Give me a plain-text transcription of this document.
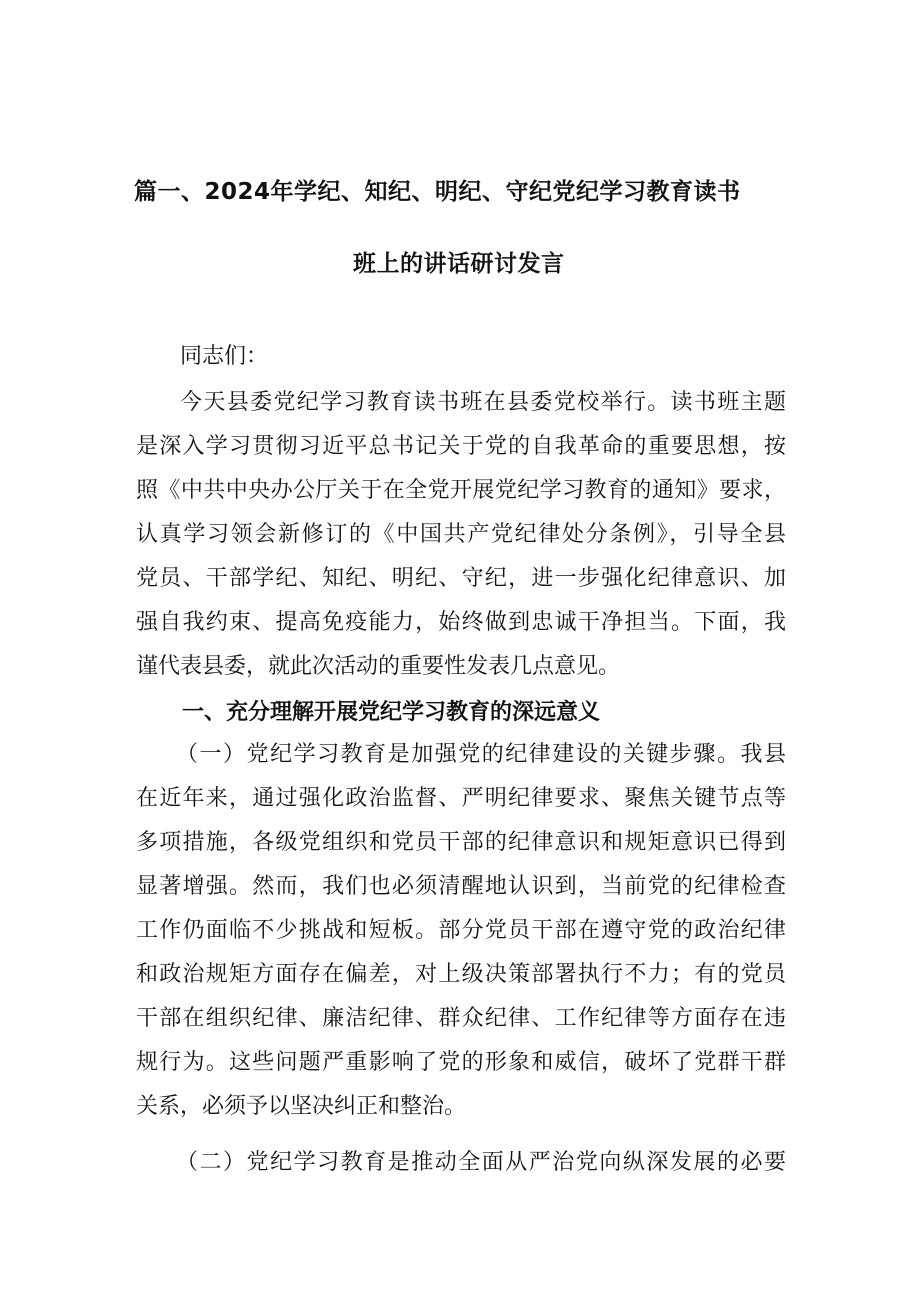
篇一、2024年学纪、知纪、明纪、守纪党纪学习教育读书
班上的讲话研讨发言
同志们：
今天县委党纪学习教育读书班在县委党校举行。读书班主题
是深入学习贯彻习近平总书记关于党的自我革命的重要思想，按
照《中共中央办公厅关于在全党开展党纪学习教育的通知》要求，
认真学习领会新修订的《中国共产党纪律处分条例》，引导全县
党员、干部学纪、知纪、明纪、守纪，进一步强化纪律意识、加
强自我约束、提高免疫能力，始终做到忠诚干净担当。下面，我
谨代表县委，就此次活动的重要性发表几点意见。
一、充分理解开展党纪学习教育的深远意义
（一）党纪学习教育是加强党的纪律建设的关键步骤。我县
在近年来，通过强化政治监督、严明纪律要求、聚焦关键节点等
多项措施，各级党组织和党员干部的纪律意识和规矩意识已得到
显著增强。然而，我们也必须清醒地认识到，当前党的纪律检查
工作仍面临不少挑战和短板。部分党员干部在遵守党的政治纪律
和政治规矩方面存在偏差，对上级决策部署执行不力；有的党员
干部在组织纪律、廉洁纪律、群众纪律、工作纪律等方面存在违
规行为。这些问题严重影响了党的形象和威信，破坏了党群干群
关系，必须予以坚决纠正和整治。
（二）党纪学习教育是推动全面从严治党向纵深发展的必要
